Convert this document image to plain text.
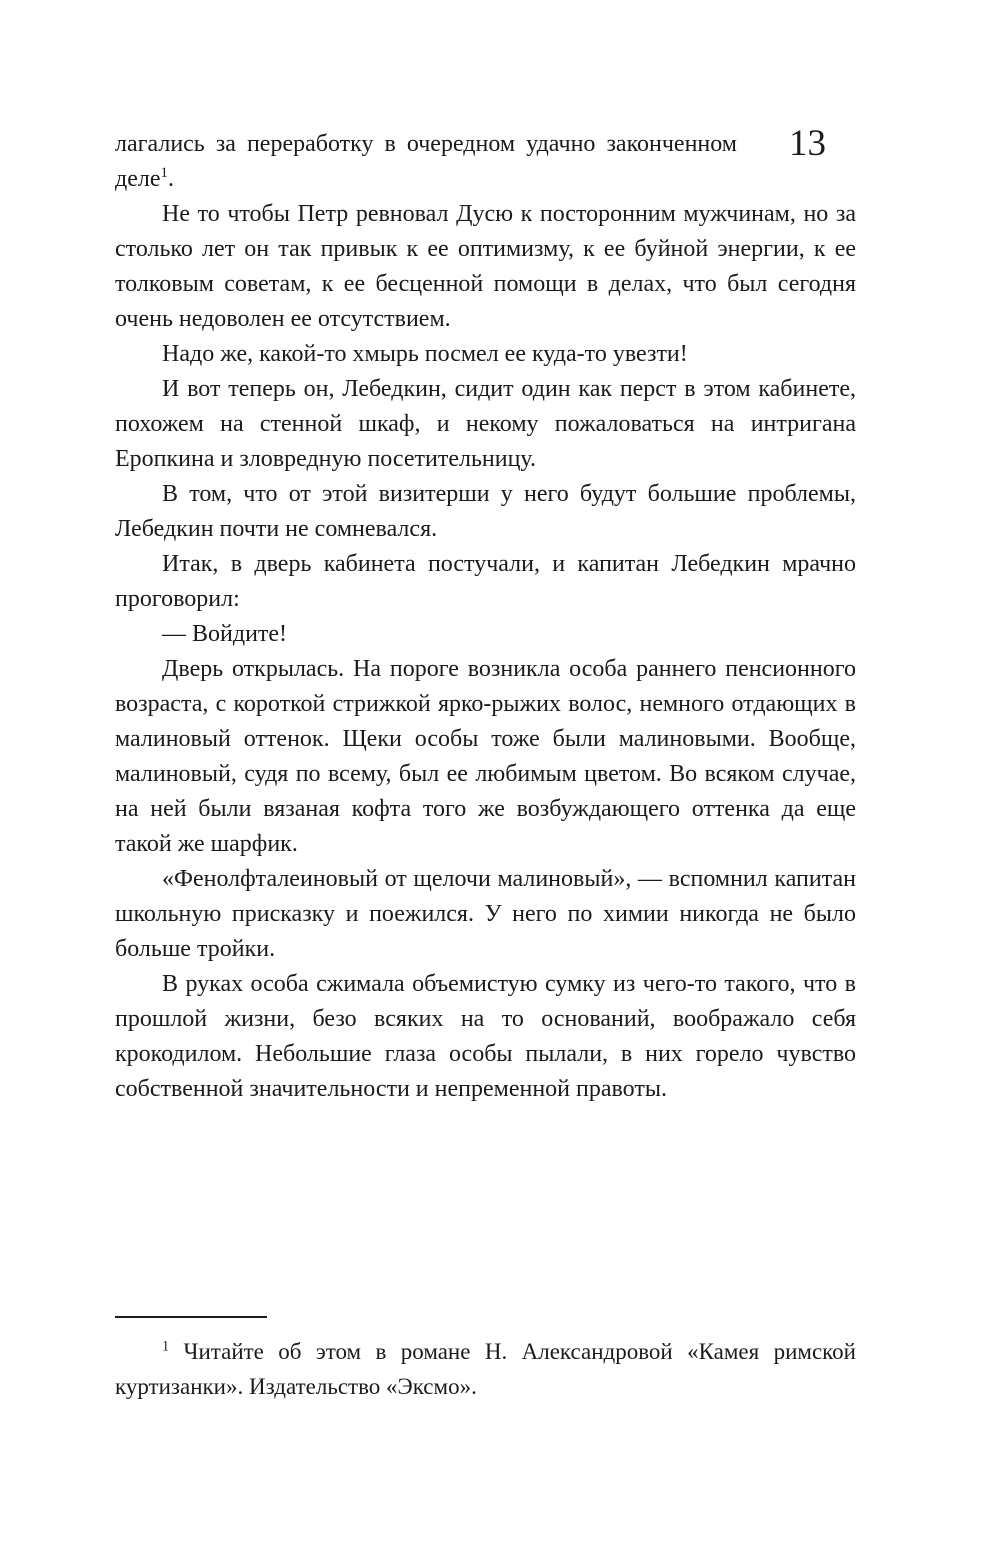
13

лагались за переработку в очередном удачно законченном деле$^1$.

Не то чтобы Петр ревновал Дусю к посторонним мужчинам, но за столько лет он так привык к ее оптимизму, к ее буйной энергии, к ее толковым советам, к ее бесценной помощи в делах, что был сегодня очень недоволен ее отсутствием.

Надо же, какой-то хмырь посмел ее куда-то увезти!

И вот теперь он, Лебедкин, сидит один как перст в этом кабинете, похожем на стенной шкаф, и некому пожаловаться на интригана Еропкина и зловредную посетительницу.

В том, что от этой визитерши у него будут большие проблемы, Лебедкин почти не сомневался.

Итак, в дверь кабинета постучали, и капитан Лебедкин мрачно проговорил:

— Войдите!

Дверь открылась. На пороге возникла особа раннего пенсионного возраста, с короткой стрижкой ярко-рыжих волос, немного отдающих в малиновый оттенок. Щеки особы тоже были малиновыми. Вообще, малиновый, судя по всему, был ее любимым цветом. Во всяком случае, на ней были вязаная кофта того же возбуждающего оттенка да еще такой же шарфик.

«Фенолфталеиновый от щелочи малиновый», — вспомнил капитан школьную присказку и поежился. У него по химии никогда не было больше тройки.

В руках особа сжимала объемистую сумку из чего-то такого, что в прошлой жизни, безо всяких на то оснований, воображало себя крокодилом. Небольшие глаза особы пылали, в них горело чувство собственной значительности и непременной правоты.

$^1$ Читайте об этом в романе Н. Александровой «Камея римской куртизанки». Издательство «Эксмо».
